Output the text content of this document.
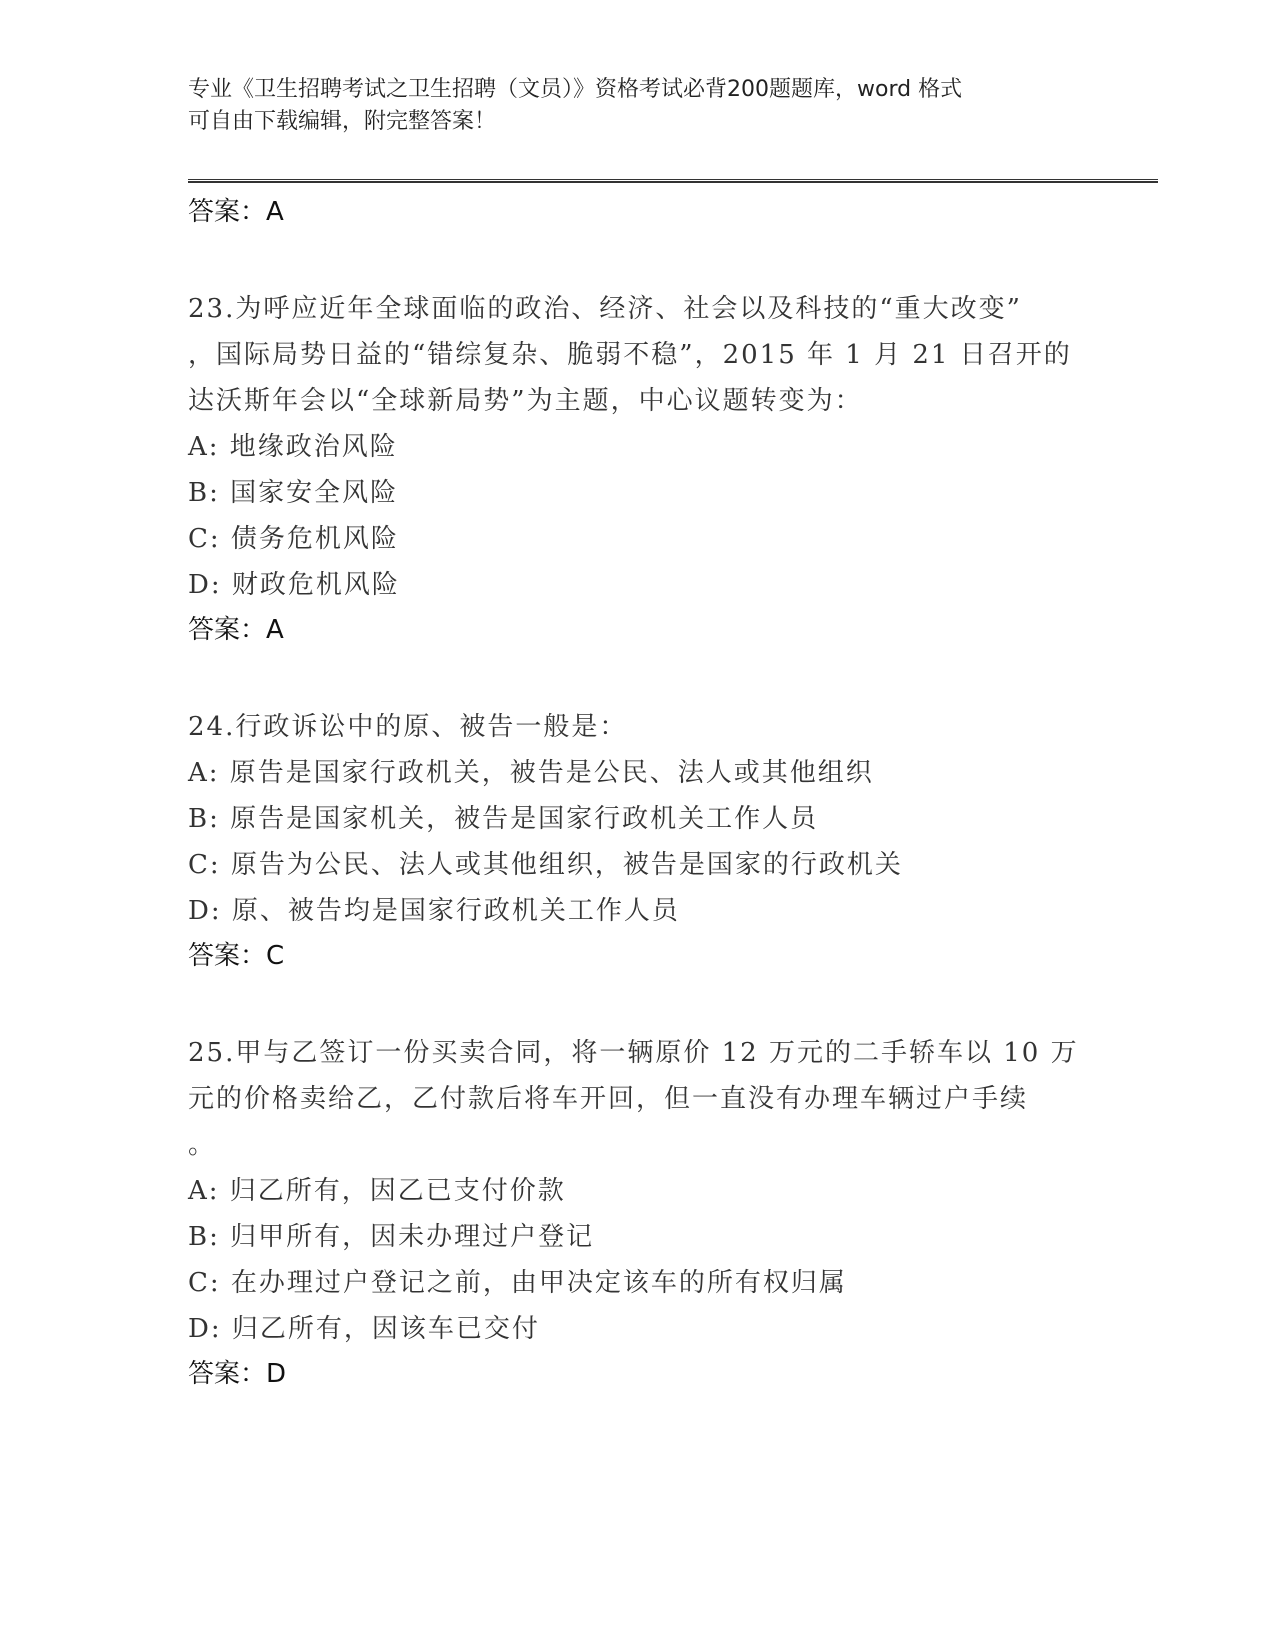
专业《卫生招聘考试之卫生招聘（文员）》资格考试必背200题题库，word 格式
可自由下载编辑，附完整答案！
答案：A
23.为呼应近年全球面临的政治、经济、社会以及科技的“重大改变”
，国际局势日益的“错综复杂、脆弱不稳”，2015 年 1 月 21 日召开的
达沃斯年会以“全球新局势”为主题，中心议题转变为：
A: 地缘政治风险
B: 国家安全风险
C: 债务危机风险
D: 财政危机风险
答案：A
24.行政诉讼中的原、被告一般是：
A: 原告是国家行政机关，被告是公民、法人或其他组织
B: 原告是国家机关，被告是国家行政机关工作人员
C: 原告为公民、法人或其他组织，被告是国家的行政机关
D: 原、被告均是国家行政机关工作人员
答案：C
25.甲与乙签订一份买卖合同，将一辆原价 12 万元的二手轿车以 10 万
元的价格卖给乙，乙付款后将车开回，但一直没有办理车辆过户手续
。
A: 归乙所有，因乙已支付价款
B: 归甲所有，因未办理过户登记
C: 在办理过户登记之前，由甲决定该车的所有权归属
D: 归乙所有，因该车已交付
答案：D
